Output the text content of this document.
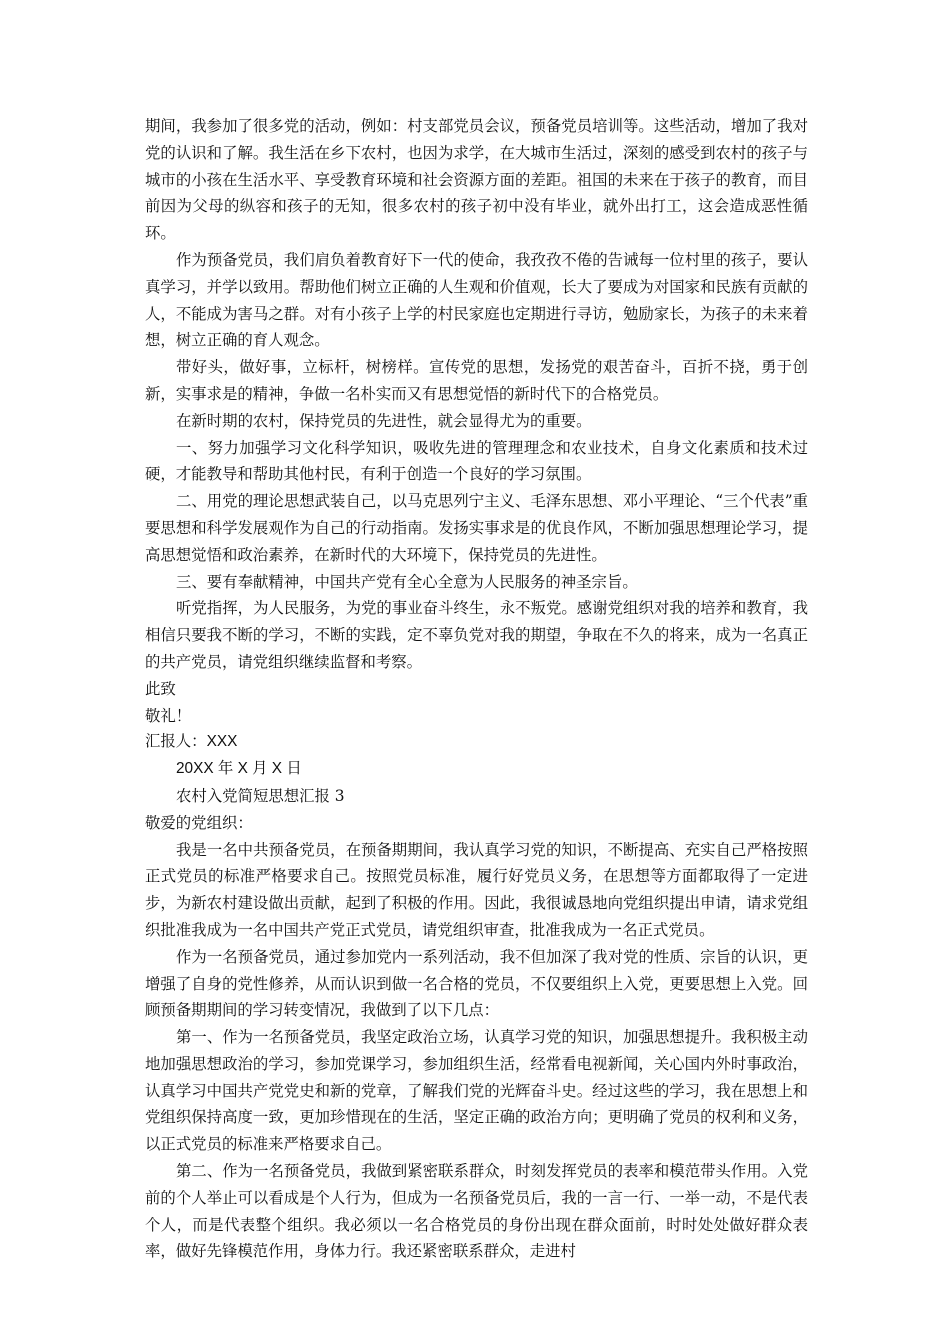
期间，我参加了很多党的活动，例如：村支部党员会议，预备党员培训等。这些活动，增加了我对党的认识和了解。我生活在乡下农村，也因为求学，在大城市生活过，深刻的感受到农村的孩子与城市的小孩在生活水平、享受教育环境和社会资源方面的差距。祖国的未来在于孩子的教育，而目前因为父母的纵容和孩子的无知，很多农村的孩子初中没有毕业，就外出打工，这会造成恶性循环。

作为预备党员，我们肩负着教育好下一代的使命，我孜孜不倦的告诫每一位村里的孩子，要认真学习，并学以致用。帮助他们树立正确的人生观和价值观，长大了要成为对国家和民族有贡献的人，不能成为害马之群。对有小孩子上学的村民家庭也定期进行寻访，勉励家长，为孩子的未来着想，树立正确的育人观念。

带好头，做好事，立标杆，树榜样。宣传党的思想，发扬党的艰苦奋斗，百折不挠，勇于创新，实事求是的精神，争做一名朴实而又有思想觉悟的新时代下的合格党员。

在新时期的农村，保持党员的先进性，就会显得尤为的重要。

一、努力加强学习文化科学知识，吸收先进的管理理念和农业技术，自身文化素质和技术过硬，才能教导和帮助其他村民，有利于创造一个良好的学习氛围。

二、用党的理论思想武装自己，以马克思列宁主义、毛泽东思想、邓小平理论、“三个代表”重要思想和科学发展观作为自己的行动指南。发扬实事求是的优良作风，不断加强思想理论学习，提高思想觉悟和政治素养，在新时代的大环境下，保持党员的先进性。

三、要有奉献精神，中国共产党有全心全意为人民服务的神圣宗旨。

听党指挥，为人民服务，为党的事业奋斗终生，永不叛党。感谢党组织对我的培养和教育，我相信只要我不断的学习，不断的实践，定不辜负党对我的期望，争取在不久的将来，成为一名真正的共产党员，请党组织继续监督和考察。

此致

敬礼！

汇报人：XXX

20XX 年 X 月 X 日

农村入党简短思想汇报 3

敬爱的党组织：

我是一名中共预备党员，在预备期期间，我认真学习党的知识，不断提高、充实自己严格按照正式党员的标准严格要求自己。按照党员标准，履行好党员义务，在思想等方面都取得了一定进步，为新农村建设做出贡献，起到了积极的作用。因此，我很诚恳地向党组织提出申请，请求党组织批准我成为一名中国共产党正式党员，请党组织审查，批准我成为一名正式党员。

作为一名预备党员，通过参加党内一系列活动，我不但加深了我对党的性质、宗旨的认识，更增强了自身的党性修养，从而认识到做一名合格的党员，不仅要组织上入党，更要思想上入党。回顾预备期期间的学习转变情况，我做到了以下几点：

第一、作为一名预备党员，我坚定政治立场，认真学习党的知识，加强思想提升。我积极主动地加强思想政治的学习，参加党课学习，参加组织生活，经常看电视新闻，关心国内外时事政治，认真学习中国共产党党史和新的党章，了解我们党的光辉奋斗史。经过这些的学习，我在思想上和党组织保持高度一致，更加珍惜现在的生活，坚定正确的政治方向；更明确了党员的权利和义务，以正式党员的标准来严格要求自己。

第二、作为一名预备党员，我做到紧密联系群众，时刻发挥党员的表率和模范带头作用。入党前的个人举止可以看成是个人行为，但成为一名预备党员后，我的一言一行、一举一动，不是代表个人，而是代表整个组织。我必须以一名合格党员的身份出现在群众面前，时时处处做好群众表率，做好先锋模范作用，身体力行。我还紧密联系群众，走进村
